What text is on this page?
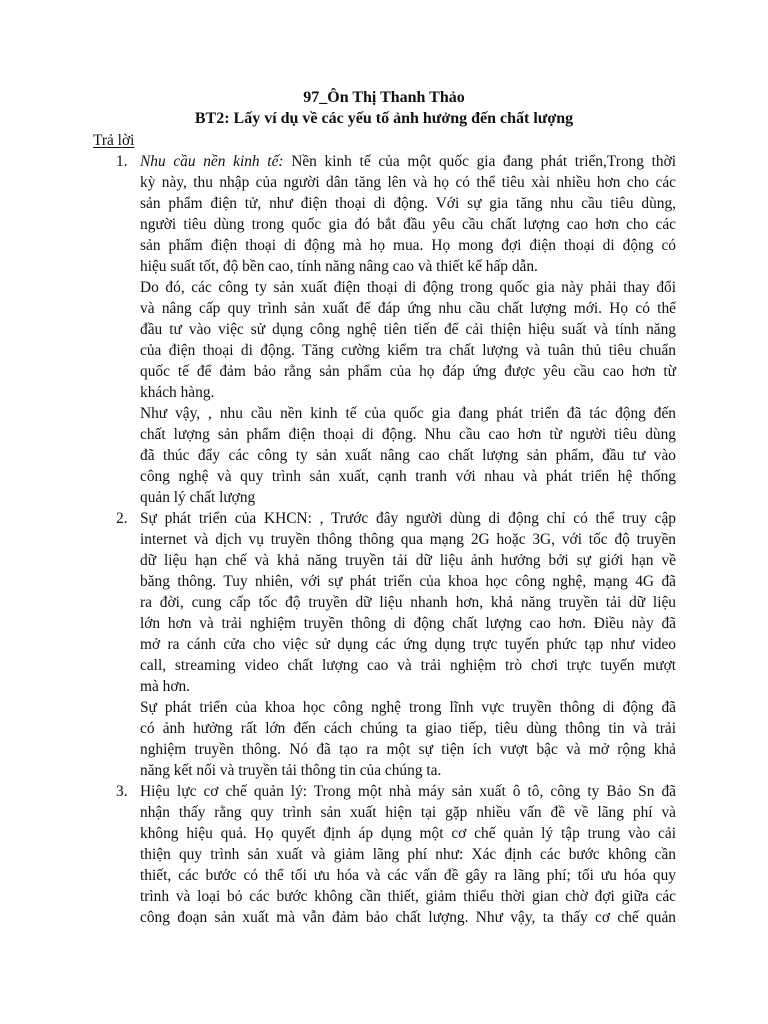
97_Ôn Thị Thanh Thảo
BT2: Lấy ví dụ về các yếu tố ảnh hưởng đến chất lượng
Trả lời
1. Nhu cầu nền kinh tế: Nền kinh tế của một quốc gia đang phát triển,Trong thời
kỳ này, thu nhập của người dân tăng lên và họ có thể tiêu xài nhiều hơn cho các
sản phẩm điện tử, như điện thoại di động. Với sự gia tăng nhu cầu tiêu dùng,
người tiêu dùng trong quốc gia đó bắt đầu yêu cầu chất lượng cao hơn cho các
sản phẩm điện thoại di động mà họ mua. Họ mong đợi điện thoại di động có
hiệu suất tốt, độ bền cao, tính năng nâng cao và thiết kế hấp dẫn.
Do đó, các công ty sản xuất điện thoại di động trong quốc gia này phải thay đổi
và nâng cấp quy trình sản xuất để đáp ứng nhu cầu chất lượng mới. Họ có thể
đầu tư vào việc sử dụng công nghệ tiên tiến để cải thiện hiệu suất và tính năng
của điện thoại di động. Tăng cường kiểm tra chất lượng và tuân thủ tiêu chuẩn
quốc tế để đảm bảo rằng sản phẩm của họ đáp ứng được yêu cầu cao hơn từ
khách hàng.
Như vậy, , nhu cầu nền kinh tế của quốc gia đang phát triển đã tác động đến
chất lượng sản phẩm điện thoại di động. Nhu cầu cao hơn từ người tiêu dùng
đã thúc đẩy các công ty sản xuất nâng cao chất lượng sản phẩm, đầu tư vào
công nghệ và quy trình sản xuất, cạnh tranh với nhau và phát triển hệ thống
quản lý chất lượng
2. Sự phát triển của KHCN: , Trước đây người dùng di động chỉ có thể truy cập
internet và dịch vụ truyền thông thông qua mạng 2G hoặc 3G, với tốc độ truyền
dữ liệu hạn chế và khả năng truyền tải dữ liệu ảnh hưởng bởi sự giới hạn về
băng thông. Tuy nhiên, với sự phát triển của khoa học công nghệ, mạng 4G đã
ra đời, cung cấp tốc độ truyền dữ liệu nhanh hơn, khả năng truyền tải dữ liệu
lớn hơn và trải nghiệm truyền thông di động chất lượng cao hơn. Điều này đã
mở ra cánh cửa cho việc sử dụng các ứng dụng trực tuyến phức tạp như video
call, streaming video chất lượng cao và trải nghiệm trò chơi trực tuyến mượt
mà hơn.
Sự phát triển của khoa học công nghệ trong lĩnh vực truyền thông di động đã
có ảnh hưởng rất lớn đến cách chúng ta giao tiếp, tiêu dùng thông tin và trải
nghiệm truyền thông. Nó đã tạo ra một sự tiện ích vượt bậc và mở rộng khả
năng kết nối và truyền tải thông tin của chúng ta.
3. Hiệu lực cơ chế quản lý: Trong một nhà máy sản xuất ô tô, công ty Bảo Sn đã
nhận thấy rằng quy trình sản xuất hiện tại gặp nhiều vấn đề về lãng phí và
không hiệu quả. Họ quyết định áp dụng một cơ chế quản lý tập trung vào cải
thiện quy trình sản xuất và giảm lãng phí như: Xác định các bước không cần
thiết, các bước có thể tối ưu hóa và các vấn đề gây ra lãng phí; tối ưu hóa quy
trình và loại bỏ các bước không cần thiết, giảm thiểu thời gian chờ đợi giữa các
công đoạn sản xuất mà vẫn đảm bảo chất lượng. Như vậy, ta thấy cơ chế quản
